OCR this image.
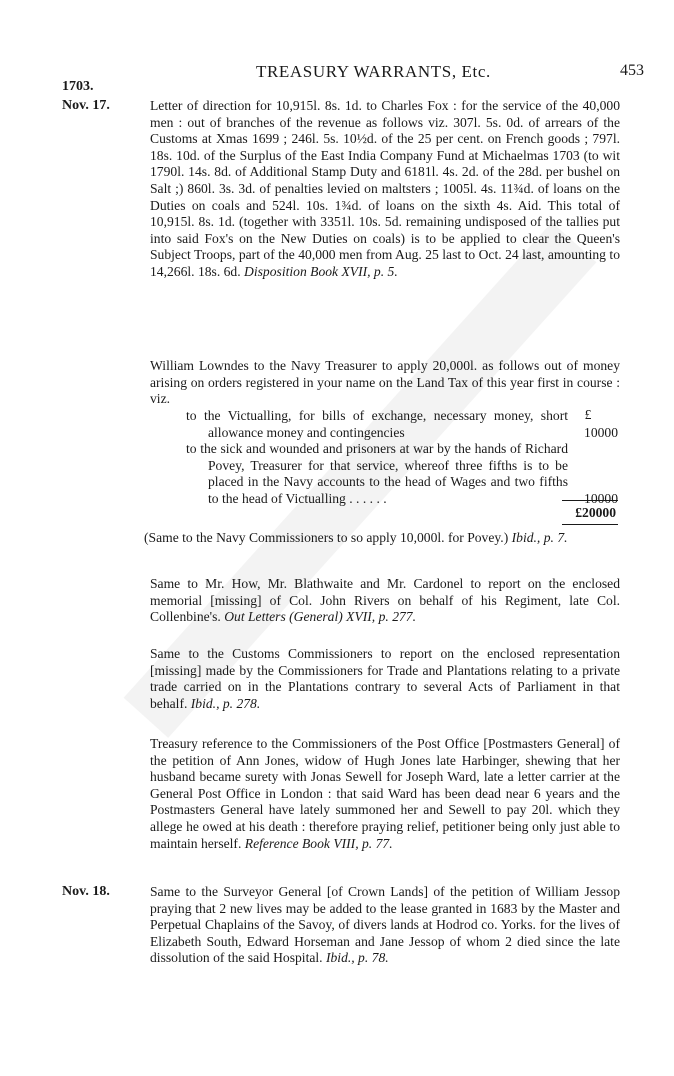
TREASURY WARRANTS, Etc.	453
1703.
Nov. 17.	Letter of direction for 10,915l. 8s. 1d. to Charles Fox : for the service of the 40,000 men : out of branches of the revenue as follows viz. 307l. 5s. 0d. of arrears of the Customs at Xmas 1699 ; 246l. 5s. 10½d. of the 25 per cent. on French goods ; 797l. 18s. 10d. of the Surplus of the East India Company Fund at Michaelmas 1703 (to wit 1790l. 14s. 8d. of Additional Stamp Duty and 6181l. 4s. 2d. of the 28d. per bushel on Salt ;) 860l. 3s. 3d. of penalties levied on maltsters ; 1005l. 4s. 11¾d. of loans on the Duties on coals and 524l. 10s. 1¾d. of loans on the sixth 4s. Aid. This total of 10,915l. 8s. 1d. (together with 3351l. 10s. 5d. remaining undisposed of the tallies put into said Fox's on the New Duties on coals) is to be applied to clear the Queen's Subject Troops, part of the 40,000 men from Aug. 25 last to Oct. 24 last, amounting to 14,266l. 18s. 6d. Disposition Book XVII, p. 5.

William Lowndes to the Navy Treasurer to apply 20,000l. as follows out of money arising on orders registered in your name on the Land Tax of this year first in course : viz.

£
to the Victualling, for bills of exchange, necessary money, short allowance money and contingencies	10000
to the sick and wounded and prisoners at war by the hands of Richard Povey, Treasurer for that service, whereof three fifths is to be placed in the Navy accounts to the head of Wages and two fifths to the head of Victualling . . . . . .	10000
£20000

(Same to the Navy Commissioners to so apply 10,000l. for Povey.) Ibid., p. 7.

Same to Mr. How, Mr. Blathwaite and Mr. Cardonel to report on the enclosed memorial [missing] of Col. John Rivers on behalf of his Regiment, late Col. Collenbine's. Out Letters (General) XVII, p. 277.

Same to the Customs Commissioners to report on the enclosed representation [missing] made by the Commissioners for Trade and Plantations relating to a private trade carried on in the Plantations contrary to several Acts of Parliament in that behalf. Ibid., p. 278.

Treasury reference to the Commissioners of the Post Office [Postmasters General] of the petition of Ann Jones, widow of Hugh Jones late Harbinger, shewing that her husband became surety with Jonas Sewell for Joseph Ward, late a letter carrier at the General Post Office in London : that said Ward has been dead near 6 years and the Postmasters General have lately summoned her and Sewell to pay 20l. which they allege he owed at his death : therefore praying relief, petitioner being only just able to maintain herself. Reference Book VIII, p. 77.

Nov. 18.	Same to the Surveyor General [of Crown Lands] of the petition of William Jessop praying that 2 new lives may be added to the lease granted in 1683 by the Master and Perpetual Chaplains of the Savoy, of divers lands at Hodrod co. Yorks. for the lives of Elizabeth South, Edward Horseman and Jane Jessop of whom 2 died since the late dissolution of the said Hospital. Ibid., p. 78.
